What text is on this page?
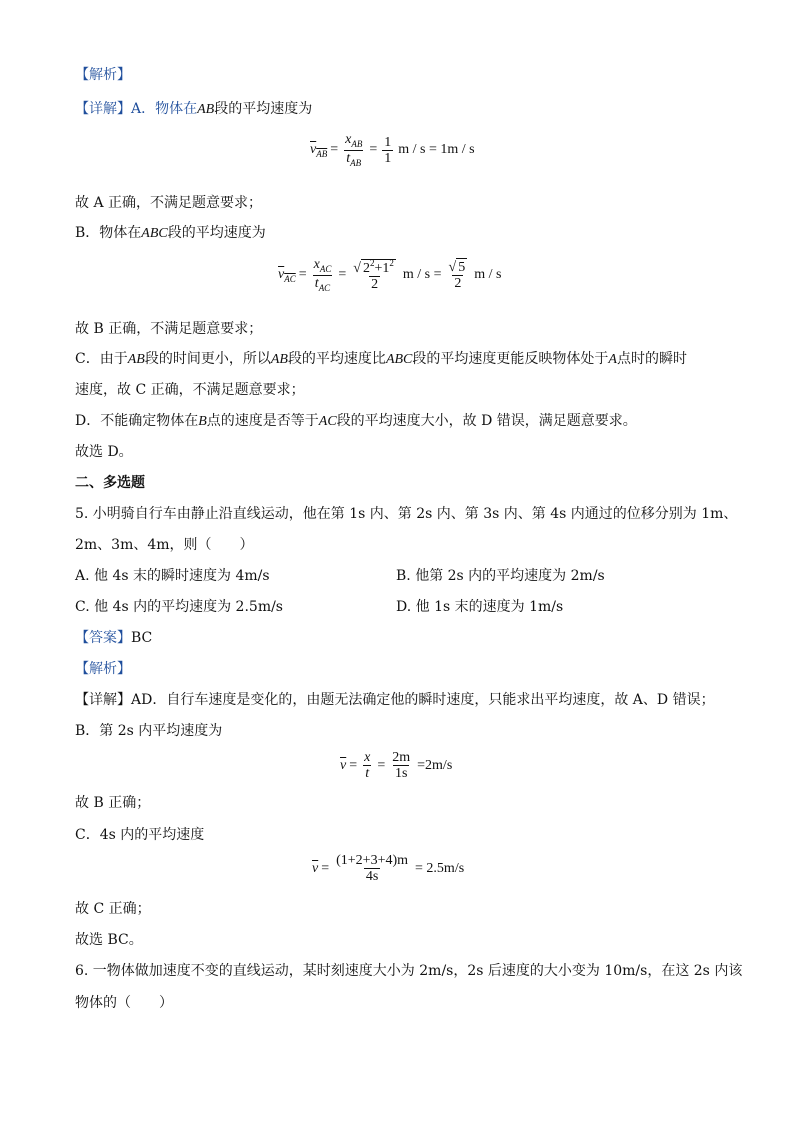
【解析】
【详解】A．物体在AB段的平均速度为
$v_{AB} = \frac{x_{AB}}{t_{AB}} = \frac{1}{1}$ m / s = 1m / s
故 A 正确，不满足题意要求；
B．物体在ABC段的平均速度为
$v_{AC} = \frac{x_{AC}}{t_{AC}} = \frac{√ 2^2+1^2}{2}$ $m / s = \frac{√ 5}{2}$ m / s
故 B 正确，不满足题意要求；
C．由于AB段的时间更小，所以AB段的平均速度比ABC段的平均速度更能反映物体处于A点时的瞬时
速度，故 C 正确，不满足题意要求；
D．不能确定物体在B点的速度是否等于AC段的平均速度大小，故 D 错误，满足题意要求。
故选 D。
二、多选题
5. 小明骑自行车由静止沿直线运动，他在第 1s 内、第 2s 内、第 3s 内、第 4s 内通过的位移分别为 1m、
2m、3m、4m，则（　　）
A. 他 4s 末的瞬时速度为 4m/s	B. 他第 2s 内的平均速度为 2m/s
C. 他 4s 内的平均速度为 2.5m/s	D. 他 1s 末的速度为 1m/s
【答案】BC
【解析】
【详解】AD．自行车速度是变化的，由题无法确定他的瞬时速度，只能求出平均速度，故 A、D 错误；
B．第 2s 内平均速度为
$\overline{v} = \frac{x}{t} = \frac{2m}{1s} =2m/s$
故 B 正确；
C．4s 内的平均速度
$\overline{v} = \frac{(1+2+3+4)m}{4s} = 2.5m/s$
故 C 正确；
故选 BC。
6. 一物体做加速度不变的直线运动，某时刻速度大小为 2m/s，2s 后速度的大小变为 10m/s，在这 2s 内该
物体的（　　）
